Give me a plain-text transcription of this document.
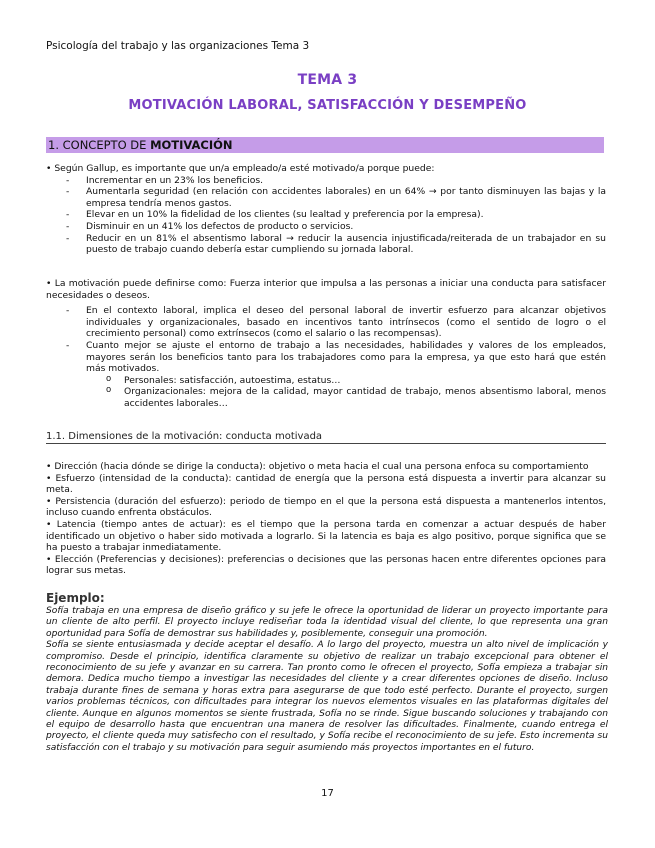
Psicología del trabajo y las organizaciones Tema 3
TEMA 3
MOTIVACIÓN LABORAL, SATISFACCIÓN Y DESEMPEÑO
1. CONCEPTO DE MOTIVACIÓN

• Según Gallup, es importante que un/a empleado/a esté motivado/a porque puede:

- Incrementar en un 23% los beneficios.
- Aumentarla seguridad (en relación con accidentes laborales) en un 64% → por tanto disminuyen las bajas y la empresa tendría menos gastos.
- Elevar en un 10% la fidelidad de los clientes (su lealtad y preferencia por la empresa).
- Disminuir en un 41% los defectos de producto o servicios.
- Reducir en un 81% el absentismo laboral → reducir la ausencia injustificada/reiterada de un trabajador en su puesto de trabajo cuando debería estar cumpliendo su jornada laboral.

• La motivación puede definirse como: Fuerza interior que impulsa a las personas a iniciar una conducta para satisfacer necesidades o deseos.

- En el contexto laboral, implica el deseo del personal laboral de invertir esfuerzo para alcanzar objetivos individuales y organizacionales, basado en incentivos tanto intrínsecos (como el sentido de logro o el crecimiento personal) como extrínsecos (como el salario o las recompensas).
- Cuanto mejor se ajuste el entorno de trabajo a las necesidades, habilidades y valores de los empleados, mayores serán los beneficios tanto para los trabajadores como para la empresa, ya que esto hará que estén más motivados.
o Personales: satisfacción, autoestima, estatus…
o Organizacionales: mejora de la calidad, mayor cantidad de trabajo, menos absentismo laboral, menos accidentes laborales…
1.1. Dimensiones de la motivación: conducta motivada

• Dirección (hacia dónde se dirige la conducta): objetivo o meta hacia el cual una persona enfoca su comportamiento

• Esfuerzo (intensidad de la conducta): cantidad de energía que la persona está dispuesta a invertir para alcanzar su meta.

• Persistencia (duración del esfuerzo): periodo de tiempo en el que la persona está dispuesta a mantenerlos intentos, incluso cuando enfrenta obstáculos.

• Latencia (tiempo antes de actuar): es el tiempo que la persona tarda en comenzar a actuar después de haber identificado un objetivo o haber sido motivada a lograrlo. Si la latencia es baja es algo positivo, porque significa que se ha puesto a trabajar inmediatamente.

• Elección (Preferencias y decisiones): preferencias o decisiones que las personas hacen entre diferentes opciones para lograr sus metas.

Ejemplo:

Sofía trabaja en una empresa de diseño gráfico y su jefe le ofrece la oportunidad de liderar un proyecto importante para un cliente de alto perfil. El proyecto incluye rediseñar toda la identidad visual del cliente, lo que representa una gran oportunidad para Sofía de demostrar sus habilidades y, posiblemente, conseguir una promoción.

Sofía se siente entusiasmada y decide aceptar el desafío. A lo largo del proyecto, muestra un alto nivel de implicación y compromiso. Desde el principio, identifica claramente su objetivo de realizar un trabajo excepcional para obtener el reconocimiento de su jefe y avanzar en su carrera. Tan pronto como le ofrecen el proyecto, Sofía empieza a trabajar sin demora. Dedica mucho tiempo a investigar las necesidades del cliente y a crear diferentes opciones de diseño. Incluso trabaja durante fines de semana y horas extra para asegurarse de que todo esté perfecto. Durante el proyecto, surgen varios problemas técnicos, con dificultades para integrar los nuevos elementos visuales en las plataformas digitales del cliente. Aunque en algunos momentos se siente frustrada, Sofía no se rinde. Sigue buscando soluciones y trabajando con el equipo de desarrollo hasta que encuentran una manera de resolver las dificultades. Finalmente, cuando entrega el proyecto, el cliente queda muy satisfecho con el resultado, y Sofía recibe el reconocimiento de su jefe. Esto incrementa su satisfacción con el trabajo y su motivación para seguir asumiendo más proyectos importantes en el futuro.

17
